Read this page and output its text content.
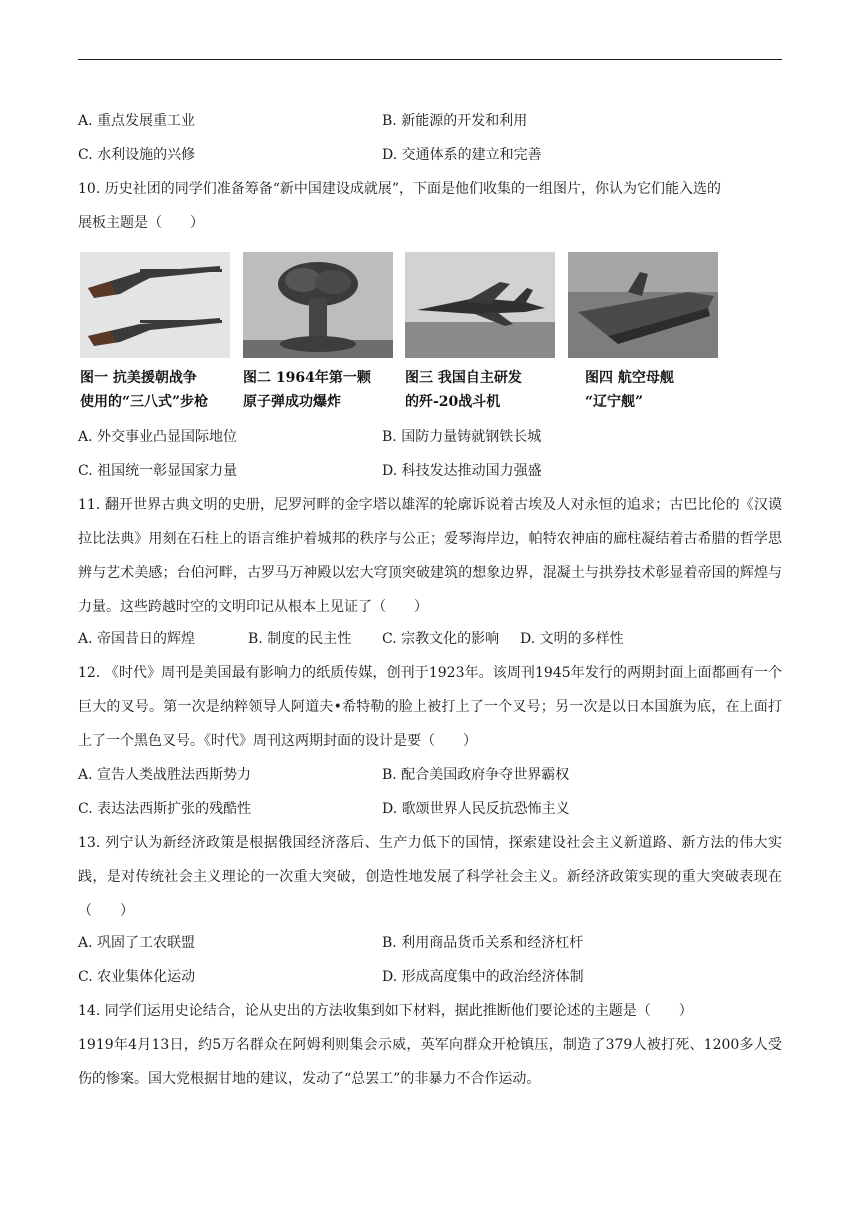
A. 重点发展重工业	B. 新能源的开发和利用
C. 水利设施的兴修	D. 交通体系的建立和完善
10. 历史社团的同学们准备筹备“新中国建设成就展”，下面是他们收集的一组图片，你认为它们能入选的
展板主题是（　　）
图一 抗美援朝战争
使用的“三八式”步枪
图二 1964年第一颗
原子弹成功爆炸
图三 我国自主研发
的歼-20战斗机
图四 航空母舰
“辽宁舰”
A. 外交事业凸显国际地位	B. 国防力量铸就钢铁长城
C. 祖国统一彰显国家力量	D. 科技发达推动国力强盛
11. 翻开世界古典文明的史册，尼罗河畔的金字塔以雄浑的轮廓诉说着古埃及人对永恒的追求；古巴比伦的《汉谟拉比法典》用刻在石柱上的语言维护着城邦的秩序与公正；爱琴海岸边，帕特农神庙的廊柱凝结着古希腊的哲学思辨与艺术美感；台伯河畔，古罗马万神殿以宏大穹顶突破建筑的想象边界，混凝土与拱券技术彰显着帝国的辉煌与力量。这些跨越时空的文明印记从根本上见证了（　　）
A. 帝国昔日的辉煌	B. 制度的民主性 C. 宗教文化的影响 D. 文明的多样性
12. 《时代》周刊是美国最有影响力的纸质传媒，创刊于1923年。该周刊1945年发行的两期封面上面都画有一个巨大的叉号。第一次是纳粹领导人阿道夫•希特勒的脸上被打上了一个叉号；另一次是以日本国旗为底，在上面打上了一个黑色叉号。《时代》周刊这两期封面的设计是要（　　）
A. 宣告人类战胜法西斯势力	B. 配合美国政府争夺世界霸权
C. 表达法西斯扩张的残酷性	D. 歌颂世界人民反抗恐怖主义
13. 列宁认为新经济政策是根据俄国经济落后、生产力低下的国情，探索建设社会主义新道路、新方法的伟大实践，是对传统社会主义理论的一次重大突破，创造性地发展了科学社会主义。新经济政策实现的重大突破表现在（　　）
A. 巩固了工农联盟	B. 利用商品货币关系和经济杠杆
C. 农业集体化运动	D. 形成高度集中的政治经济体制
14. 同学们运用史论结合，论从史出的方法收集到如下材料，据此推断他们要论述的主题是（　　）
1919年4月13日，约5万名群众在阿姆利则集会示威，英军向群众开枪镇压，制造了379人被打死、1200多人受伤的惨案。国大党根据甘地的建议，发动了“总罢工”的非暴力不合作运动。
